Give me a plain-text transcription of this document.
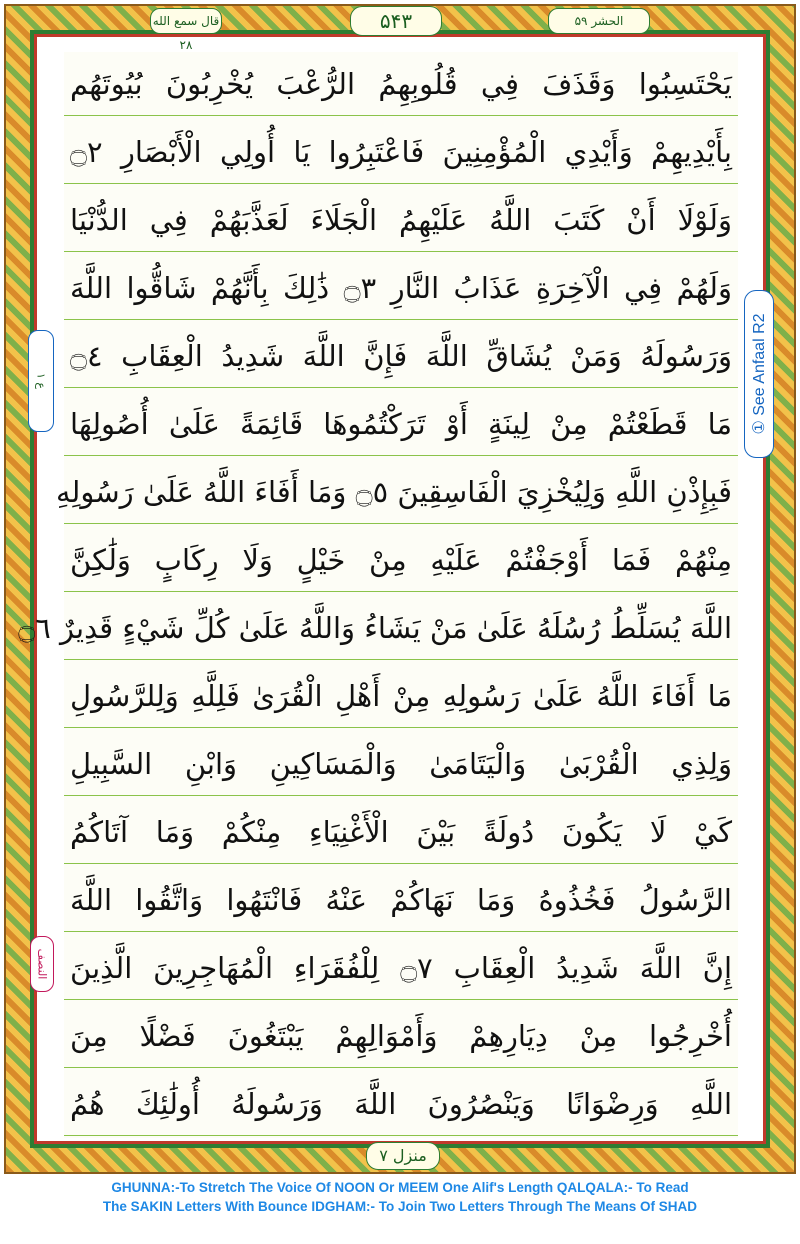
قال سمع الله ۲۸
۵۴۳	الحشر ۵۹
يَحْتَسِبُوا وَقَذَفَ فِي قُلُوبِهِمُ الرُّعْبَ يُخْرِبُونَ بُيُوتَهُم
بِأَيْدِيهِمْ وَأَيْدِي الْمُؤْمِنِينَ فَاعْتَبِرُوا يَا أُولِي الْأَبْصَارِ ۝٢
وَلَوْلَا أَنْ كَتَبَ اللَّهُ عَلَيْهِمُ الْجَلَاءَ لَعَذَّبَهُمْ فِي الدُّنْيَا
وَلَهُمْ فِي الْآخِرَةِ عَذَابُ النَّارِ ۝٣ ذَٰلِكَ بِأَنَّهُمْ شَاقُّوا اللَّهَ
وَرَسُولَهُ وَمَنْ يُشَاقِّ اللَّهَ فَإِنَّ اللَّهَ شَدِيدُ الْعِقَابِ ۝٤
مَا قَطَعْتُمْ مِنْ لِينَةٍ أَوْ تَرَكْتُمُوهَا قَائِمَةً عَلَىٰ أُصُولِهَا
فَبِإِذْنِ اللَّهِ وَلِيُخْزِيَ الْفَاسِقِينَ ۝٥ وَمَا أَفَاءَ اللَّهُ عَلَىٰ رَسُولِهِ
مِنْهُمْ فَمَا أَوْجَفْتُمْ عَلَيْهِ مِنْ خَيْلٍ وَلَا رِكَابٍ وَلَٰكِنَّ
اللَّهَ يُسَلِّطُ رُسُلَهُ عَلَىٰ مَنْ يَشَاءُ وَاللَّهُ عَلَىٰ كُلِّ شَيْءٍ قَدِيرٌ ۝٦
مَا أَفَاءَ اللَّهُ عَلَىٰ رَسُولِهِ مِنْ أَهْلِ الْقُرَىٰ فَلِلَّهِ وَلِلرَّسُولِ
وَلِذِي الْقُرْبَىٰ وَالْيَتَامَىٰ وَالْمَسَاكِينِ وَابْنِ السَّبِيلِ
كَيْ لَا يَكُونَ دُولَةً بَيْنَ الْأَغْنِيَاءِ مِنْكُمْ وَمَا آتَاكُمُ
الرَّسُولُ فَخُذُوهُ وَمَا نَهَاكُمْ عَنْهُ فَانْتَهُوا وَاتَّقُوا اللَّهَ
إِنَّ اللَّهَ شَدِيدُ الْعِقَابِ ۝٧ لِلْفُقَرَاءِ الْمُهَاجِرِينَ الَّذِينَ
أُخْرِجُوا مِنْ دِيَارِهِمْ وَأَمْوَالِهِمْ يَبْتَغُونَ فَضْلًا مِنَ
اللَّهِ وَرِضْوَانًا وَيَنْصُرُونَ اللَّهَ وَرَسُولَهُ أُولَٰئِكَ هُمُ
① See Anfaal R2
ع ۱
النصف
منزل ۷
GHUNNA:-To Stretch The Voice Of NOON Or MEEM One Alif's Length QALQALA:- To Read
The SAKIN Letters With Bounce IDGHAM:- To Join Two Letters Through The Means Of SHAD
